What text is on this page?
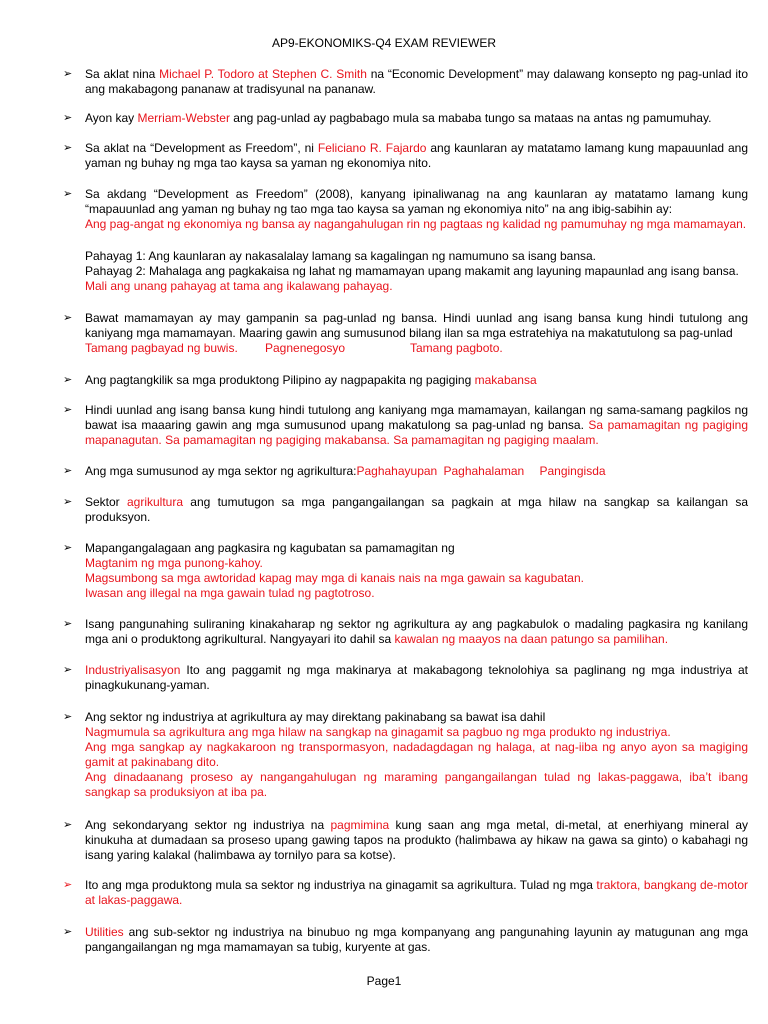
AP9-EKONOMIKS-Q4 EXAM REVIEWER
➢	Sa aklat nina Michael P. Todoro at Stephen C. Smith na “Economic Development” may dalawang konsepto ng pag-unlad ito ang makabagong pananaw at tradisyunal na pananaw.
➢	Ayon kay Merriam-Webster ang pag-unlad ay pagbabago mula sa mababa tungo sa mataas na antas ng pamumuhay.
➢	Sa aklat na “Development as Freedom”, ni Feliciano R. Fajardo ang kaunlaran ay matatamo lamang kung mapauunlad ang yaman ng buhay ng mga tao kaysa sa yaman ng ekonomiya nito.
➢	Sa akdang “Development as Freedom” (2008), kanyang ipinaliwanag na ang kaunlaran ay matatamo lamang kung “mapauunlad ang yaman ng buhay ng tao mga tao kaysa sa yaman ng ekonomiya nito” na ang ibig-sabihin ay:
Ang pag-angat ng ekonomiya ng bansa ay nagangahulugan rin ng pagtaas ng kalidad ng pamumuhay ng mga mamamayan.
Pahayag 1: Ang kaunlaran ay nakasalalay lamang sa kagalingan ng namumuno sa isang bansa.
Pahayag 2: Mahalaga ang pagkakaisa ng lahat ng mamamayan upang makamit ang layuning mapaunlad ang isang bansa.
Mali ang unang pahayag at tama ang ikalawang pahayag.
➢	Bawat mamamayan ay may gampanin sa pag-unlad ng bansa. Hindi uunlad ang isang bansa kung hindi tutulong ang kaniyang mga mamamayan. Maaring gawin ang sumusunod bilang ilan sa mga estratehiya na makatutulong sa pag-unlad
Tamang pagbayad ng buwis. Pagnenegosyo	Tamang pagboto.
➢	Ang pagtangkilik sa mga produktong Pilipino ay nagpapakita ng pagiging makabansa
➢	Hindi uunlad ang isang bansa kung hindi tutulong ang kaniyang mga mamamayan, kailangan ng sama-samang pagkilos ng bawat isa maaaring gawin ang mga sumusunod upang makatulong sa pag-unlad ng bansa. Sa pamamagitan ng pagiging mapanagutan. Sa pamamagitan ng pagiging makabansa. Sa pamamagitan ng pagiging maalam.
➢	Ang mga sumusunod ay mga sektor ng agrikultura:Paghahayupan Paghahalaman Pangingisda
➢	Sektor agrikultura ang tumutugon sa mga pangangailangan sa pagkain at mga hilaw na sangkap sa kailangan sa produksyon.
➢	Mapangangalagaan ang pagkasira ng kagubatan sa pamamagitan ng
Magtanim ng mga punong-kahoy.
Magsumbong sa mga awtoridad kapag may mga di kanais nais na mga gawain sa kagubatan.
Iwasan ang illegal na mga gawain tulad ng pagtotroso.
➢	Isang pangunahing suliraning kinakaharap ng sektor ng agrikultura ay ang pagkabulok o madaling pagkasira ng kanilang mga ani o produktong agrikultural. Nangyayari ito dahil sa kawalan ng maayos na daan patungo sa pamilihan.
➢	Industriyalisasyon Ito ang paggamit ng mga makinarya at makabagong teknolohiya sa paglinang ng mga industriya at pinagkukunang-yaman.
➢	Ang sektor ng industriya at agrikultura ay may direktang pakinabang sa bawat isa dahil
Nagmumula sa agrikultura ang mga hilaw na sangkap na ginagamit sa pagbuo ng mga produkto ng industriya.
Ang mga sangkap ay nagkakaroon ng transpormasyon, nadadagdagan ng halaga, at nag-iiba ng anyo ayon sa magiging gamit at pakinabang dito.
Ang dinadaanang proseso ay nangangahulugan ng maraming pangangailangan tulad ng lakas-paggawa, iba’t ibang sangkap sa produksiyon at iba pa.
➢	Ang sekondaryang sektor ng industriya na pagmimina kung saan ang mga metal, di-metal, at enerhiyang mineral ay kinukuha at dumadaan sa proseso upang gawing tapos na produkto (halimbawa ay hikaw na gawa sa ginto) o kabahagi ng isang yaring kalakal (halimbawa ay tornilyo para sa kotse).
➢	Ito ang mga produktong mula sa sektor ng industriya na ginagamit sa agrikultura. Tulad ng mga traktora, bangkang de-motor at lakas-paggawa.
➢	Utilities ang sub-sektor ng industriya na binubuo ng mga kompanyang ang pangunahing layunin ay matugunan ang mga pangangailangan ng mga mamamayan sa tubig, kuryente at gas.
Page1
